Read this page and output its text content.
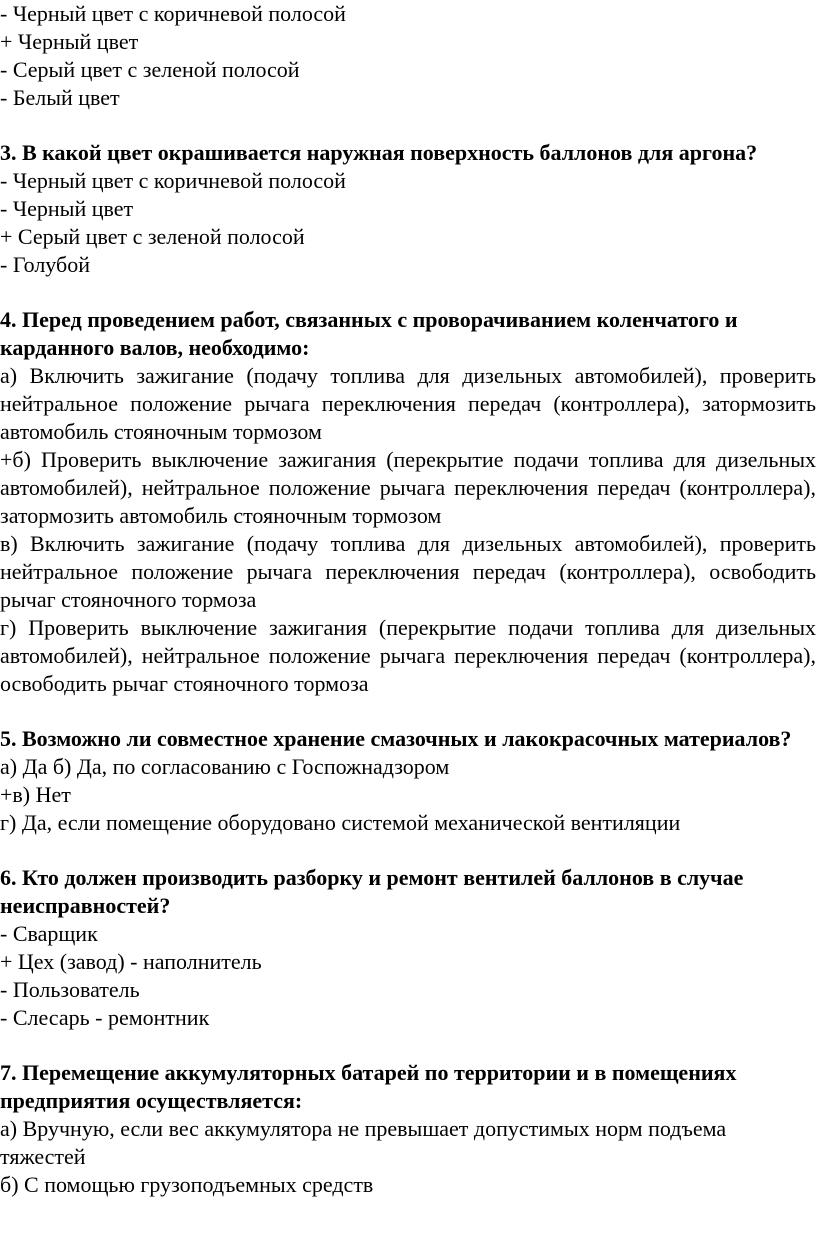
- Черный цвет с коричневой полосой
+ Черный цвет
- Серый цвет с зеленой полосой
- Белый цвет
3. В какой цвет окрашивается наружная поверхность баллонов для аргона?
- Черный цвет с коричневой полосой
- Черный цвет
+ Серый цвет с зеленой полосой
- Голубой
4. Перед проведением работ, связанных с проворачиванием коленчатого и карданного валов, необходимо:
а) Включить зажигание (подачу топлива для дизельных автомобилей), проверить нейтральное положение рычага переключения передач (контроллера), затормозить автомобиль стояночным тормозом
+б) Проверить выключение зажигания (перекрытие подачи топлива для дизельных автомобилей), нейтральное положение рычага переключения передач (контроллера), затормозить автомобиль стояночным тормозом
в) Включить зажигание (подачу топлива для дизельных автомобилей), проверить нейтральное положение рычага переключения передач (контроллера), освободить рычаг стояночного тормоза
г) Проверить выключение зажигания (перекрытие подачи топлива для дизельных автомобилей), нейтральное положение рычага переключения передач (контроллера), освободить рычаг стояночного тормоза
5. Возможно ли совместное хранение смазочных и лакокрасочных материалов?
а) Да б) Да, по согласованию с Госпожнадзором
+в) Нет
г) Да, если помещение оборудовано системой механической вентиляции
6. Кто должен производить разборку и ремонт вентилей баллонов в случае неисправностей?
- Сварщик
+ Цех (завод) - наполнитель
- Пользователь
- Слесарь - ремонтник
7. Перемещение аккумуляторных батарей по территории и в помещениях предприятия осуществляется:
а) Вручную, если вес аккумулятора не превышает допустимых норм подъема тяжестей
б) С помощью грузоподъемных средств
